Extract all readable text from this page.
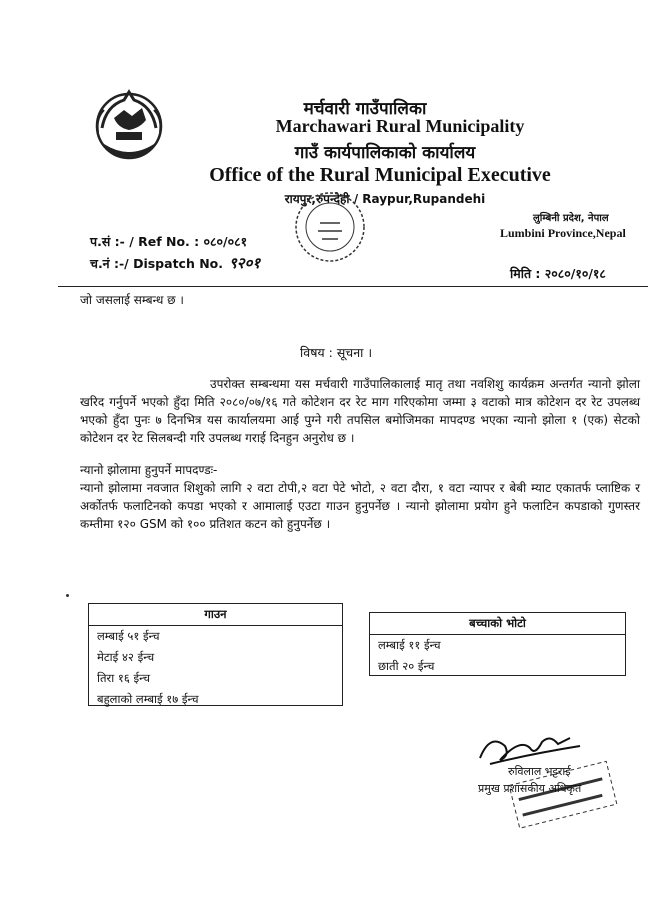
मर्चवारी गाउँपालिका
Marchawari Rural Municipality
गाउँ कार्यपालिकाको कार्यालय
Office of the Rural Municipal Executive
रायपुर,रुपन्देही / Raypur,Rupandehi
लुम्बिनी प्रदेश, नेपाल
Lumbini Province,Nepal
प.सं :- / Ref No. : ०८०/०८१
च.नं :-/ Dispatch No. ९२०१
मिति : २०८०/१०/१८
जो जसलाई सम्बन्ध छ ।
विषय : सूचना ।

उपरोक्त सम्बन्धमा यस मर्चवारी गाउँपालिकालाई मातृ तथा नवशिशु कार्यक्रम अन्तर्गत न्यानो झोला खरिद गर्नुपर्ने भएको हुँदा मिति २०८०/०७/१६ गते कोटेशन दर रेट माग गरिएकोमा जम्मा ३ वटाको मात्र कोटेशन दर रेट उपलब्ध भएको हुँदा पुनः ७ दिनभित्र यस कार्यालयमा आई पुग्ने गरी तपसिल बमोजिमका मापदण्ड भएका न्यानो झोला १ (एक) सेटको कोटेशन दर रेट सिलबन्दी गरि उपलब्ध गराई दिनहुन अनुरोध छ ।

न्यानो झोलामा हुनुपर्ने मापदण्डः-

न्यानो झोलामा नवजात शिशुको लागि २ वटा टोपी,२ वटा पेटे भोटो, २ वटा दौरा, १ वटा न्यापर र बेबी म्याट एकातर्फ प्लाष्टिक र अर्कोतर्फ फलाटिनको कपडा भएको र आमालाई एउटा गाउन हुनुपर्नेछ । न्यानो झोलामा प्रयोग हुने फलाटिन कपडाको गुणस्तर कम्तीमा १२० GSM को १०० प्रतिशत कटन को हुनुपर्नेछ ।

गाउन
लम्बाई ५१ ईन्च
मेटाई ४२ ईन्च
तिरा १६ ईन्च
बहुलाको लम्बाई १७ ईन्च
बच्चाको भोटो
लम्बाई ११ ईन्च
छाती २० ईन्च
रुविलाल भट्टराई
प्रमुख प्रशासकीय अधिकृत
